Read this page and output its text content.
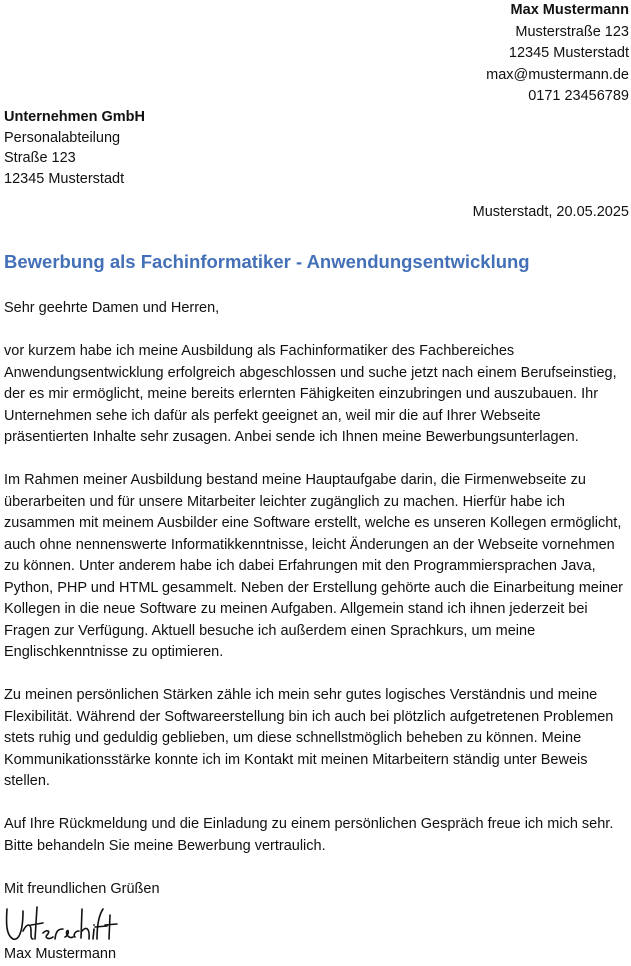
Max Mustermann
Musterstraße 123
12345 Musterstadt
max@mustermann.de
0171 23456789
Unternehmen GmbH
Personalabteilung
Straße 123
12345 Musterstadt
Musterstadt, 20.05.2025
Bewerbung als Fachinformatiker - Anwendungsentwicklung

Sehr geehrte Damen und Herren,

vor kurzem habe ich meine Ausbildung als Fachinformatiker des Fachbereiches Anwendungsentwicklung erfolgreich abgeschlossen und suche jetzt nach einem Berufseinstieg, der es mir ermöglicht, meine bereits erlernten Fähigkeiten einzubringen und auszubauen. Ihr Unternehmen sehe ich dafür als perfekt geeignet an, weil mir die auf Ihrer Webseite präsentierten Inhalte sehr zusagen. Anbei sende ich Ihnen meine Bewerbungsunterlagen.

Im Rahmen meiner Ausbildung bestand meine Hauptaufgabe darin, die Firmenwebseite zu überarbeiten und für unsere Mitarbeiter leichter zugänglich zu machen. Hierfür habe ich zusammen mit meinem Ausbilder eine Software erstellt, welche es unseren Kollegen ermöglicht, auch ohne nennenswerte Informatikkenntnisse, leicht Änderungen an der Webseite vornehmen zu können. Unter anderem habe ich dabei Erfahrungen mit den Programmiersprachen Java, Python, PHP und HTML gesammelt. Neben der Erstellung gehörte auch die Einarbeitung meiner Kollegen in die neue Software zu meinen Aufgaben. Allgemein stand ich ihnen jederzeit bei Fragen zur Verfügung. Aktuell besuche ich außerdem einen Sprachkurs, um meine Englischkenntnisse zu optimieren.

Zu meinen persönlichen Stärken zähle ich mein sehr gutes logisches Verständnis und meine Flexibilität. Während der Softwareerstellung bin ich auch bei plötzlich aufgetretenen Problemen stets ruhig und geduldig geblieben, um diese schnellstmöglich beheben zu können. Meine Kommunikationsstärke konnte ich im Kontakt mit meinen Mitarbeitern ständig unter Beweis stellen.

Auf Ihre Rückmeldung und die Einladung zu einem persönlichen Gespräch freue ich mich sehr. Bitte behandeln Sie meine Bewerbung vertraulich.

Mit freundlichen Grüßen
Max Mustermann
